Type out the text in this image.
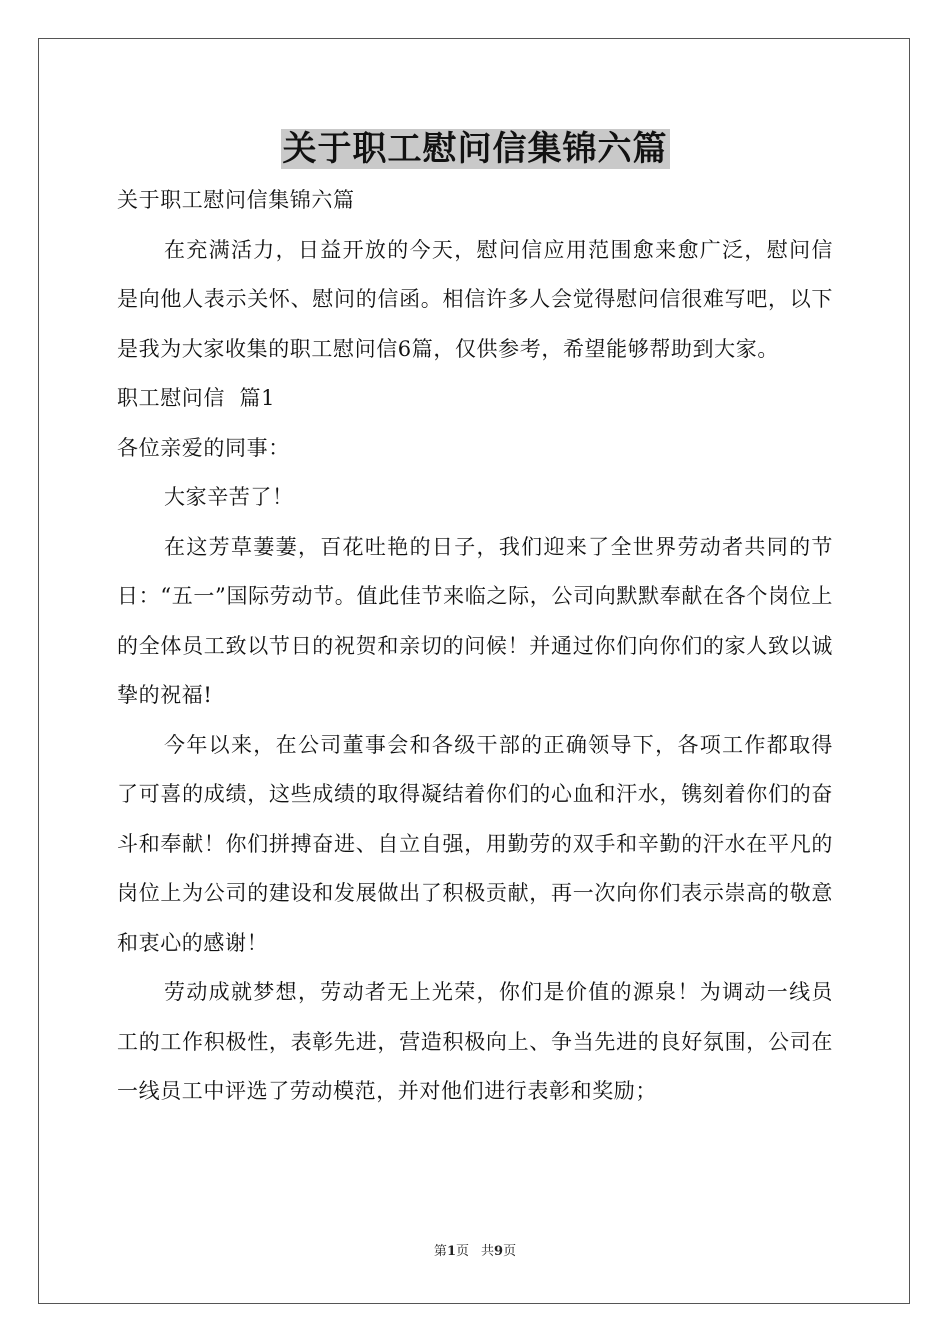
关于职工慰问信集锦六篇

关于职工慰问信集锦六篇

在充满活力，日益开放的今天，慰问信应用范围愈来愈广泛，慰问信是向他人表示关怀、慰问的信函。相信许多人会觉得慰问信很难写吧，以下是我为大家收集的职工慰问信6篇，仅供参考，希望能够帮助到大家。

职工慰问信  篇1

各位亲爱的同事：

大家辛苦了！

在这芳草萋萋，百花吐艳的日子，我们迎来了全世界劳动者共同的节日：“五一”国际劳动节。值此佳节来临之际，公司向默默奉献在各个岗位上的全体员工致以节日的祝贺和亲切的问候！并通过你们向你们的家人致以诚挚的祝福!

今年以来，在公司董事会和各级干部的正确领导下，各项工作都取得了可喜的成绩，这些成绩的取得凝结着你们的心血和汗水，镌刻着你们的奋斗和奉献！你们拼搏奋进、自立自强，用勤劳的双手和辛勤的汗水在平凡的岗位上为公司的建设和发展做出了积极贡献，再一次向你们表示崇高的敬意和衷心的感谢！

劳动成就梦想，劳动者无上光荣，你们是价值的源泉！为调动一线员工的工作积极性，表彰先进，营造积极向上、争当先进的良好氛围，公司在一线员工中评选了劳动模范，并对他们进行表彰和奖励；

第1页 共9页
